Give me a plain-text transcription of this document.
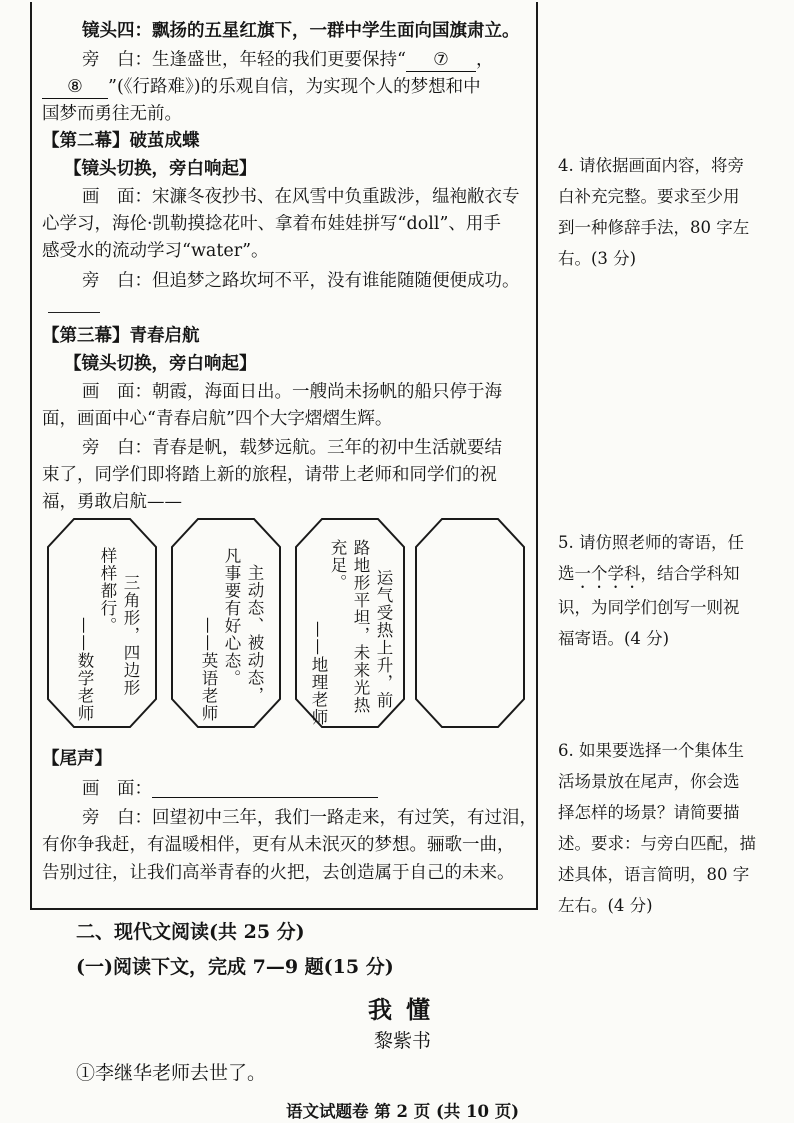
镜头四：飘扬的五星红旗下，一群中学生面向国旗肃立。
旁　白：生逢盛世，年轻的我们更要保持“ ⑦ ，
⑧ ”(《行路难》)的乐观自信，为实现个人的梦想和中
国梦而勇往无前。
【第二幕】破茧成蝶
【镜头切换，旁白响起】
画　面：宋濂冬夜抄书、在风雪中负重跋涉，缊袍敝衣专
心学习，海伦·凯勒摸捻花叶、拿着布娃娃拼写“doll”、用手
感受水的流动学习“water”。
旁　白：但追梦之路坎坷不平，没有谁能随随便便成功。
【第三幕】青春启航
【镜头切换，旁白响起】
画　面：朝霞，海面日出。一艘尚未扬帆的船只停于海
面，画面中心“青春启航”四个大字熠熠生辉。
旁　白：青春是帆，载梦远航。三年的初中生活就要结
束了，同学们即将踏上新的旅程，请带上老师和同学们的祝
福，勇敢启航——
三角形，四边形
样样都行。
——数学老师	主动态、被动态，
凡事要有好心态。
——英语老师	运气受热上升，前
路地形平坦，未来光热
充足。
——地理老师
【尾声】
画　面：
旁　白：回望初中三年，我们一路走来，有过笑，有过泪，
有你争我赶，有温暖相伴，更有从未泯灭的梦想。骊歌一曲，
告别过往，让我们高举青春的火把，去创造属于自己的未来。
4. 请依据画面内容，将旁
白补充完整。要求至少用
到一种修辞手法，80 字左
右。(3 分)
5. 请仿照老师的寄语，任
选一个学科，结合学科知
识，为同学们创写一则祝
福寄语。(4 分)
6. 如果要选择一个集体生
活场景放在尾声，你会选
择怎样的场景？请简要描
述。要求：与旁白匹配，描
述具体，语言简明，80 字
左右。(4 分)
二、现代文阅读(共 25 分)
(一)阅读下文，完成 7—9 题(15 分)
我懂
黎紫书
①李继华老师去世了。
语文试题卷 第 2 页 (共 10 页)
